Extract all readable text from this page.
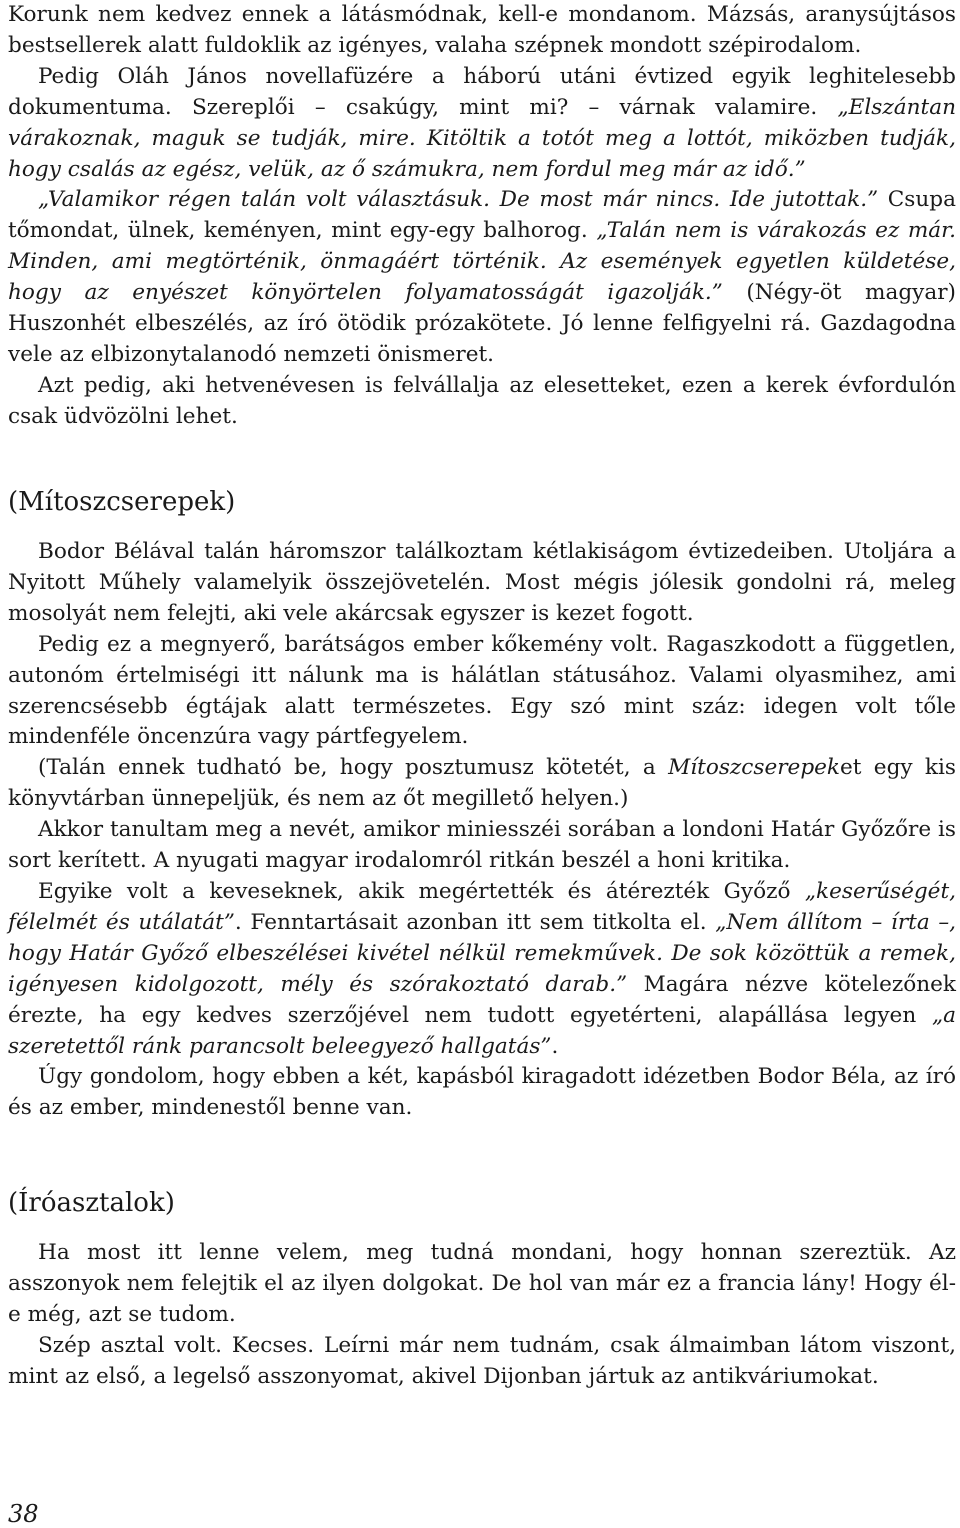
Korunk nem kedvez ennek a látásmódnak, kell-e mondanom. Mázsás, aranysújtásos bestsellerek alatt fuldoklik az igényes, valaha szépnek mondott szépirodalom.

Pedig Oláh János novellafüzére a háború utáni évtized egyik leghitelesebb dokumentuma. Szereplői – csakúgy, mint mi? – várnak valamire. „Elszántan várakoznak, maguk se tudják, mire. Kitöltik a totót meg a lottót, miközben tudják, hogy csalás az egész, velük, az ő számukra, nem fordul meg már az idő.”

„Valamikor régen talán volt választásuk. De most már nincs. Ide jutottak.” Csupa tőmondat, ülnek, keményen, mint egy-egy balhorog. „Talán nem is várakozás ez már. Minden, ami megtörténik, önmagáért történik. Az események egyetlen küldetése, hogy az enyészet könyörtelen folyamatosságát igazolják.” (Négy-öt magyar) Huszonhét elbeszélés, az író ötödik prózakötete. Jó lenne felfigyelni rá. Gazdagodna vele az elbizonytalanodó nemzeti önismeret.

Azt pedig, aki hetvenévesen is felvállalja az elesetteket, ezen a kerek évfordulón csak üdvözölni lehet.

(Mítoszcserepek)

Bodor Bélával talán háromszor találkoztam kétlakiságom évtizedeiben. Utoljára a Nyitott Műhely valamelyik összejövetelén. Most mégis jólesik gondolni rá, meleg mosolyát nem felejti, aki vele akárcsak egyszer is kezet fogott.

Pedig ez a megnyerő, barátságos ember kőkemény volt. Ragaszkodott a független, autonóm értelmiségi itt nálunk ma is hálátlan státusához. Valami olyasmihez, ami szerencsésebb égtájak alatt természetes. Egy szó mint száz: idegen volt tőle mindenféle öncenzúra vagy pártfegyelem.

(Talán ennek tudható be, hogy posztumusz kötetét, a Mítoszcserepeket egy kis könyvtárban ünnepeljük, és nem az őt megillető helyen.)

Akkor tanultam meg a nevét, amikor miniesszéi sorában a londoni Határ Győzőre is sort kerített. A nyugati magyar irodalomról ritkán beszél a honi kritika.

Egyike volt a keveseknek, akik megértették és átérezték Győző „keserűségét, félelmét és utálatát”. Fenntartásait azonban itt sem titkolta el. „Nem állítom – írta –, hogy Határ Győző elbeszélései kivétel nélkül remekművek. De sok közöttük a remek, igényesen kidolgozott, mély és szórakoztató darab.” Magára nézve kötelezőnek érezte, ha egy kedves szerzőjével nem tudott egyetérteni, alapállása legyen „a szeretettől ránk parancsolt beleegyező hallgatás”.

Úgy gondolom, hogy ebben a két, kapásból kiragadott idézetben Bodor Béla, az író és az ember, mindenestől benne van.

(Íróasztalok)

Ha most itt lenne velem, meg tudná mondani, hogy honnan szereztük. Az asszonyok nem felejtik el az ilyen dolgokat. De hol van már ez a francia lány! Hogy él-e még, azt se tudom.

Szép asztal volt. Kecses. Leírni már nem tudnám, csak álmaimban látom viszont, mint az első, a legelső asszonyomat, akivel Dijonban jártuk az antikváriumokat.

38
